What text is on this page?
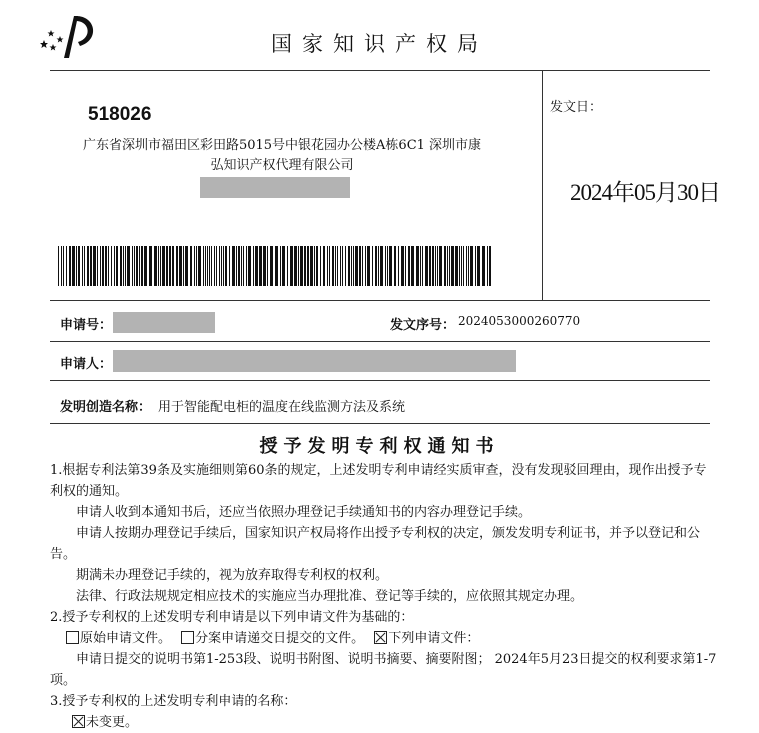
国家知识产权局
518026
广东省深圳市福田区彩田路5015号中银花园办公楼A栋6C1 深圳市康
弘知识产权代理有限公司
发文日：
2024年05月30日
申请号：	发文序号： 2024053000260770
申请人：
发明创造名称： 用于智能配电柜的温度在线监测方法及系统
授予发明专利权通知书

1.根据专利法第39条及实施细则第60条的规定，上述发明专利申请经实质审查，没有发现驳回理由，现作出授予专利权的通知。

申请人收到本通知书后，还应当依照办理登记手续通知书的内容办理登记手续。

申请人按期办理登记手续后，国家知识产权局将作出授予专利权的决定，颁发发明专利证书，并予以登记和公告。

期满未办理登记手续的，视为放弃取得专利权的权利。

法律、行政法规规定相应技术的实施应当办理批准、登记等手续的，应依照其规定办理。

2.授予专利权的上述发明专利申请是以下列申请文件为基础的：

原始申请文件。 分案申请递交日提交的文件。 下列申请文件：

申请日提交的说明书第1-253段、说明书附图、说明书摘要、摘要附图； 2024年5月23日提交的权利要求第1-7项。

3.授予专利权的上述发明专利申请的名称：

未变更。
